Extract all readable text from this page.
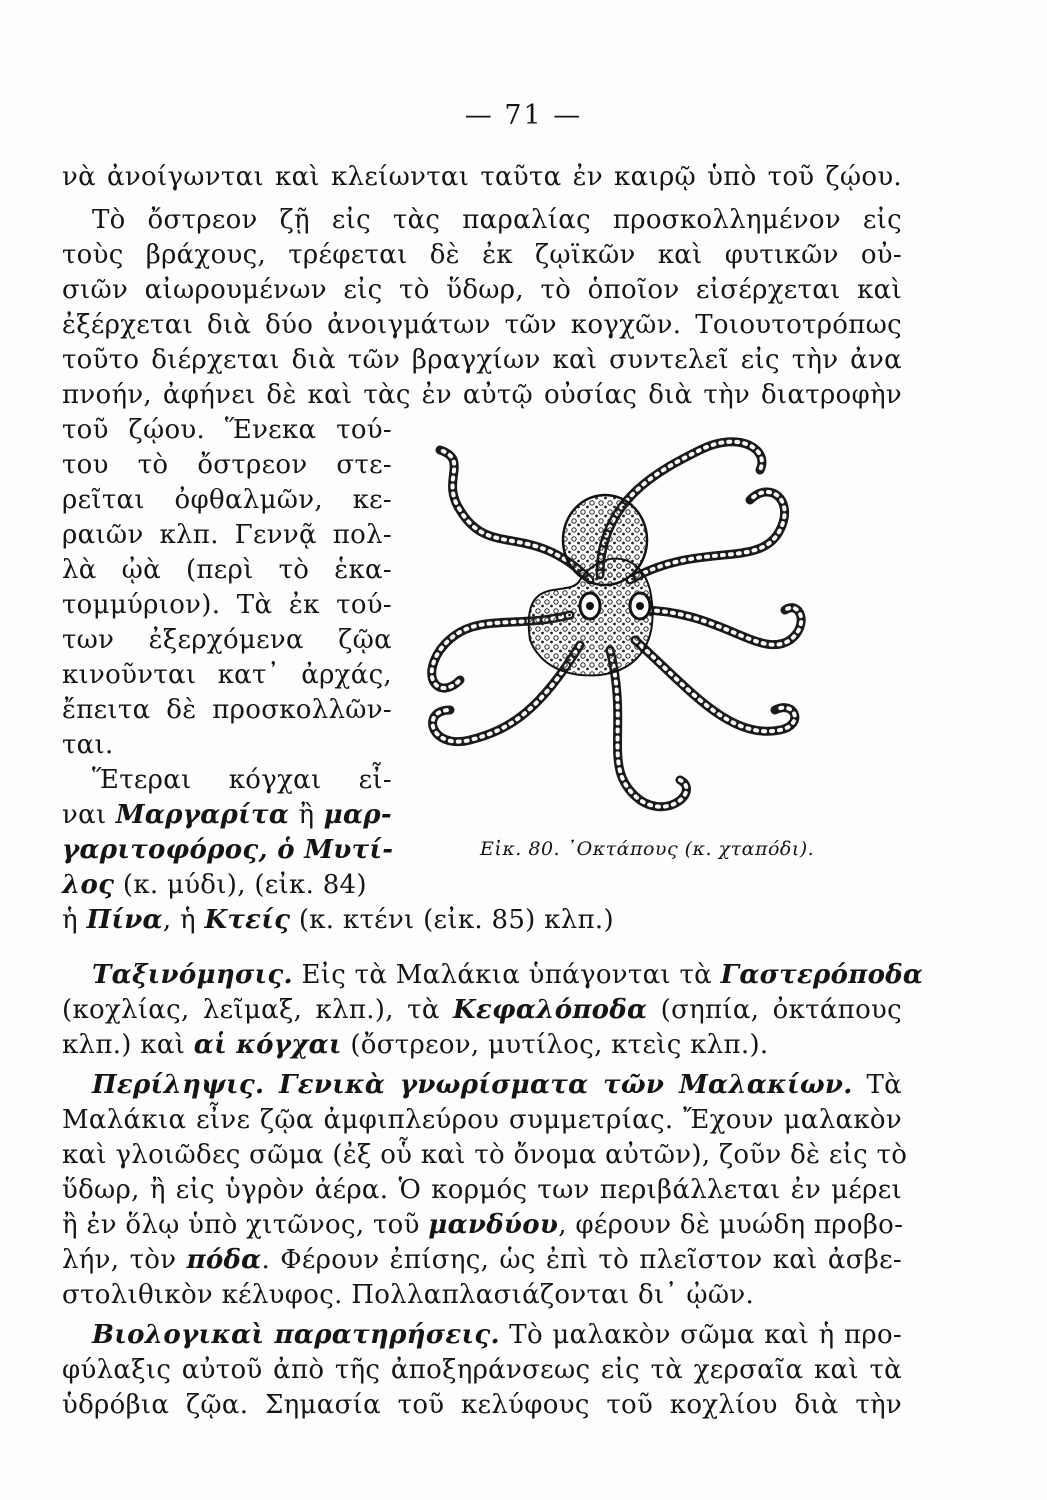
— 71 —
νὰ ἀνοίγωνται καὶ κλείωνται ταῦτα ἐν καιρῷ ὑπὸ τοῦ ζῴου.
Τὸ ὄστρεον ζῇ εἰς τὰς παραλίας προσκολλημένον εἰς
τοὺς βράχους, τρέφεται δὲ ἐκ ζῳϊκῶν καὶ φυτικῶν οὐ-
σιῶν αἰωρουμένων εἰς τὸ ὕδωρ, τὸ ὁποῖον εἰσέρχεται καὶ
ἐξέρχεται διὰ δύο ἀνοιγμάτων τῶν κογχῶν. Τοιουτοτρόπως
τοῦτο διέρχεται διὰ τῶν βραγχίων καὶ συντελεῖ εἰς τὴν ἀνα
πνοήν, ἀφήνει δὲ καὶ τὰς ἐν αὐτῷ οὐσίας διὰ τὴν διατροφὴν
τοῦ ζῴου. Ἕνεκα τού-
του τὸ ὄστρεον στε-
ρεῖται ὀφθαλμῶν, κε-
ραιῶν κλπ. Γεννᾷ πολ-
λὰ ᾠὰ (περὶ τὸ ἑκα-
τομμύριον). Τὰ ἐκ τού-
των ἐξερχόμενα ζῷα
κινοῦνται κατ᾽ ἀρχάς,
ἔπειτα δὲ προσκολλῶν-
ται.
Ἕτεραι κόγχαι εἶ-
ναι Μαργαρίτα ἢ μαρ-
γαριτοφόρος, ὁ Μυτί-
λος (κ. μύδι), (εἰκ. 84)
ἡ Πίνα, ἡ Κτείς (κ. κτένι (εἰκ. 85) κλπ.)
Εἰκ. 80. ᾿Οκτάπους (κ. χταπόδι).
Ταξινόμησις. Εἰς τὰ Μαλάκια ὑπάγονται τὰ Γαστερόποδα
(κοχλίας, λεῖμαξ, κλπ.), τὰ Κεφαλόποδα (σηπία, ὀκτάπους
κλπ.) καὶ αἱ κόγχαι (ὄστρεον, μυτίλος, κτεὶς κλπ.).
Περίληψις. Γενικὰ γνωρίσματα τῶν Μαλακίων. Τὰ
Μαλάκια εἶνε ζῷα ἀμφιπλεύρου συμμετρίας. Ἔχουν μαλακὸν
καὶ γλοιῶδες σῶμα (ἐξ οὗ καὶ τὸ ὄνομα αὐτῶν), ζοῦν δὲ εἰς τὸ
ὕδωρ, ἢ εἰς ὑγρὸν ἀέρα. Ὁ κορμός των περιβάλλεται ἐν μέρει
ἢ ἐν ὅλῳ ὑπὸ χιτῶνος, τοῦ μανδύου, φέρουν δὲ μυώδη προβο-
λήν, τὸν πόδα. Φέρουν ἐπίσης, ὡς ἐπὶ τὸ πλεῖστον καὶ ἀσβε-
στολιθικὸν κέλυφος. Πολλαπλασιάζονται δι᾽ ᾠῶν.
Βιολογικαὶ παρατηρήσεις. Τὸ μαλακὸν σῶμα καὶ ἡ προ-
φύλαξις αὐτοῦ ἀπὸ τῆς ἀποξηράνσεως εἰς τὰ χερσαῖα καὶ τὰ
ὑδρόβια ζῷα. Σημασία τοῦ κελύφους τοῦ κοχλίου διὰ τὴν
